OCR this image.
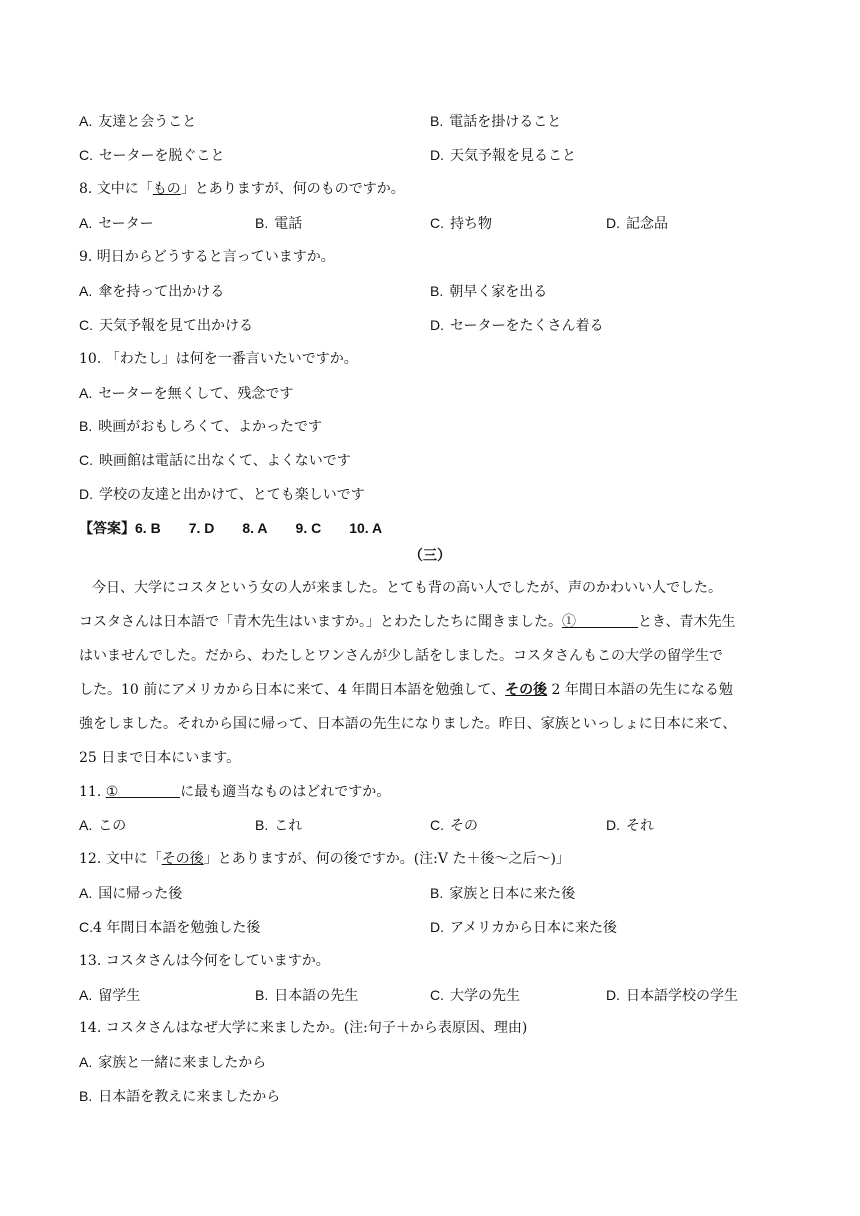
A. 友達と会うこと	B. 電話を掛けること
C. セーターを脱ぐこと	D. 天気予報を見ること
8. 文中に「もの」とありますが、何のものですか。
A. セーター	B. 電話	C. 持ち物	D. 記念品
9. 明日からどうすると言っていますか。
A. 傘を持って出かける	B. 朝早く家を出る
C. 天気予報を見て出かける	D. セーターをたくさん着る
10. 「わたし」は何を一番言いたいですか。
A. セーターを無くして、残念です
B. 映画がおもしろくて、よかったです
C. 映画館は電話に出なくて、よくないです
D. 学校の友達と出かけて、とても楽しいです
【答案】6. B 7. D 8. A 9. C 10. A
（三）
今日、大学にコスタという女の人が来ました。とても背の高い人でしたが、声のかわいい人でした。
コスタさんは日本語で「青木先生はいますか。」とわたしたちに聞きました。①	とき、青木先生
はいませんでした。だから、わたしとワンさんが少し話をしました。コスタさんもこの大学の留学生で
した。10 前にアメリカから日本に来て、4 年間日本語を勉強して、その後 2 年間日本語の先生になる勉
強をしました。それから国に帰って、日本語の先生になりました。昨日、家族といっしょに日本に来て、
25 日まで日本にいます。
11. ①	に最も適当なものはどれですか。
A. この	B. これ	C. その	D. それ
12. 文中に「その後」とありますが、何の後ですか。(注:V た＋後～之后～)」
A. 国に帰った後	B. 家族と日本に来た後
C.4 年間日本語を勉強した後	D. アメリカから日本に来た後
13. コスタさんは今何をしていますか。
A. 留学生	B. 日本語の先生	C. 大学の先生	D. 日本語学校の学生
14. コスタさんはなぜ大学に来ましたか。(注:句子＋から表原因、理由)
A. 家族と一緒に来ましたから
B. 日本語を教えに来ましたから
